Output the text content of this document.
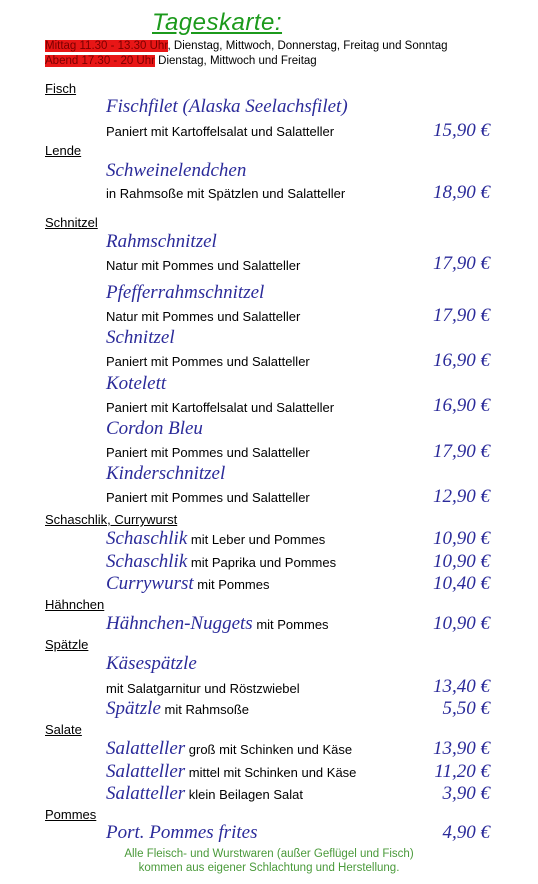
Tageskarte:
Mittag 11.30 - 13.30 Uhr, Dienstag, Mittwoch, Donnerstag, Freitag und Sonntag
Abend 17.30 - 20 Uhr Dienstag, Mittwoch und Freitag
Fisch
Fischfilet (Alaska Seelachsfilet)
Paniert mit Kartoffelsalat und Salatteller	15,90 €
Lende
Schweinelendchen
in Rahmsoße mit Spätzlen und Salatteller	18,90 €
Schnitzel
Rahmschnitzel
Natur mit Pommes und Salatteller	17,90 €
Pfefferrahmschnitzel
Natur mit Pommes und Salatteller	17,90 €
Schnitzel
Paniert mit Pommes und Salatteller	16,90 €
Kotelett
Paniert mit Kartoffelsalat und Salatteller	16,90 €
Cordon Bleu
Paniert mit Pommes und Salatteller	17,90 €
Kinderschnitzel
Paniert mit Pommes und Salatteller	12,90 €
Schaschlik, Currywurst
Schaschlik mit Leber und Pommes	10,90 €
Schaschlik mit Paprika und Pommes	10,90 €
Currywurst mit Pommes	10,40 €
Hähnchen
Hähnchen-Nuggets mit Pommes	10,90 €
Spätzle
Käsespätzle
mit Salatgarnitur und Röstzwiebel	13,40 €
Spätzle mit Rahmsoße	5,50 €
Salate
Salatteller groß mit Schinken und Käse	13,90 €
Salatteller mittel mit Schinken und Käse	11,20 €
Salatteller klein Beilagen Salat	3,90 €
Pommes
Port. Pommes frites	4,90 €
Alle Fleisch- und Wurstwaren (außer Geflügel und Fisch)
kommen aus eigener Schlachtung und Herstellung.
